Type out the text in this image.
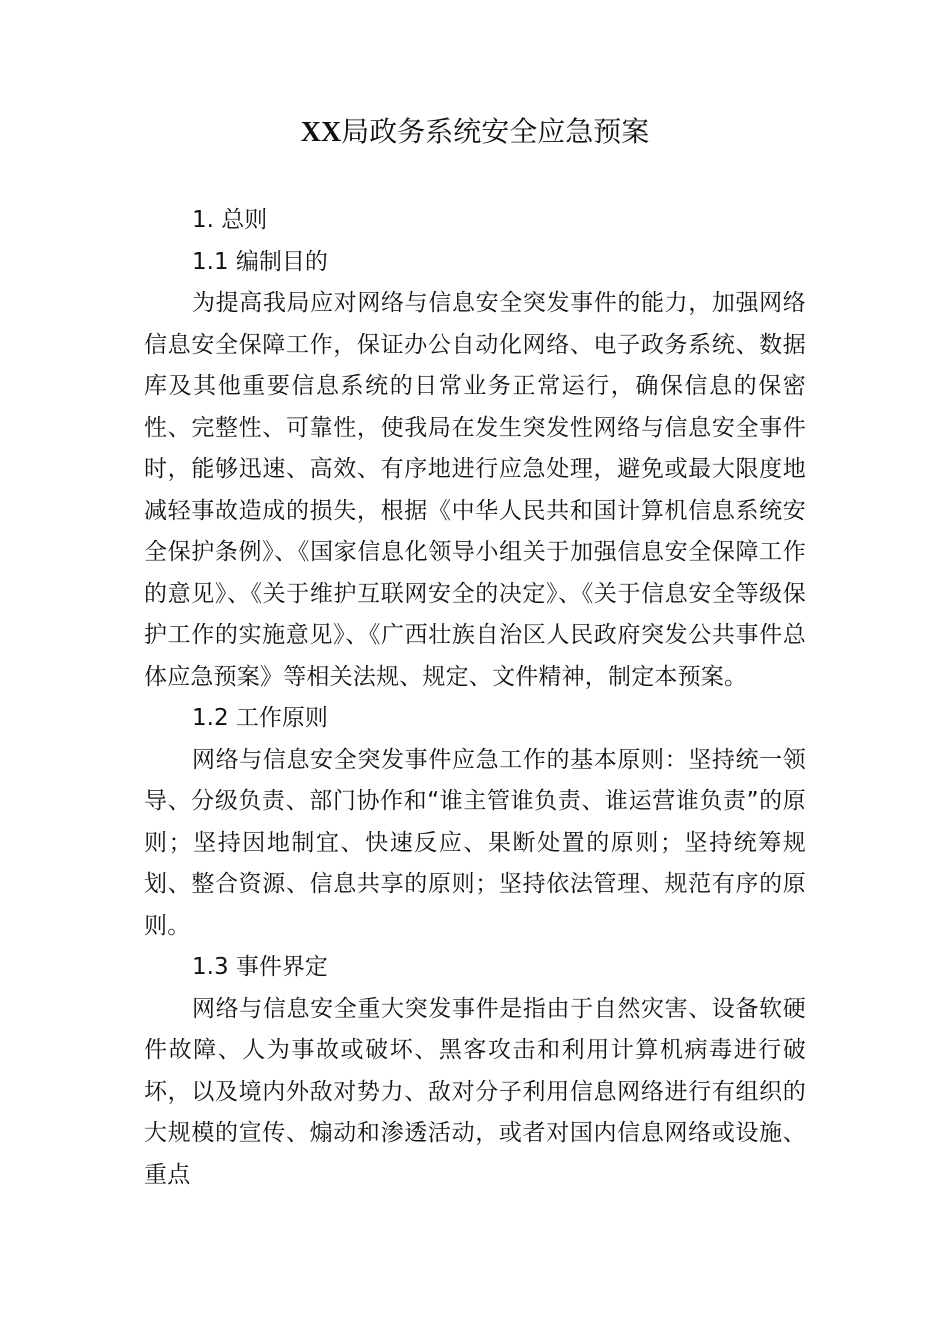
XX局政务系统安全应急预案

1. 总则

1.1 编制目的

为提高我局应对网络与信息安全突发事件的能力，加强网络信息安全保障工作，保证办公自动化网络、电子政务系统、数据库及其他重要信息系统的日常业务正常运行，确保信息的保密性、完整性、可靠性，使我局在发生突发性网络与信息安全事件时，能够迅速、高效、有序地进行应急处理，避免或最大限度地减轻事故造成的损失，根据《中华人民共和国计算机信息系统安全保护条例》、《国家信息化领导小组关于加强信息安全保障工作的意见》、《关于维护互联网安全的决定》、《关于信息安全等级保护工作的实施意见》、《广西壮族自治区人民政府突发公共事件总体应急预案》等相关法规、规定、文件精神，制定本预案。

1.2 工作原则

网络与信息安全突发事件应急工作的基本原则：坚持统一领导、分级负责、部门协作和“谁主管谁负责、谁运营谁负责”的原则；坚持因地制宜、快速反应、果断处置的原则；坚持统筹规划、整合资源、信息共享的原则；坚持依法管理、规范有序的原则。

1.3 事件界定

网络与信息安全重大突发事件是指由于自然灾害、设备软硬件故障、人为事故或破坏、黑客攻击和利用计算机病毒进行破坏，以及境内外敌对势力、敌对分子利用信息网络进行有组织的大规模的宣传、煽动和渗透活动，或者对国内信息网络或设施、重点
